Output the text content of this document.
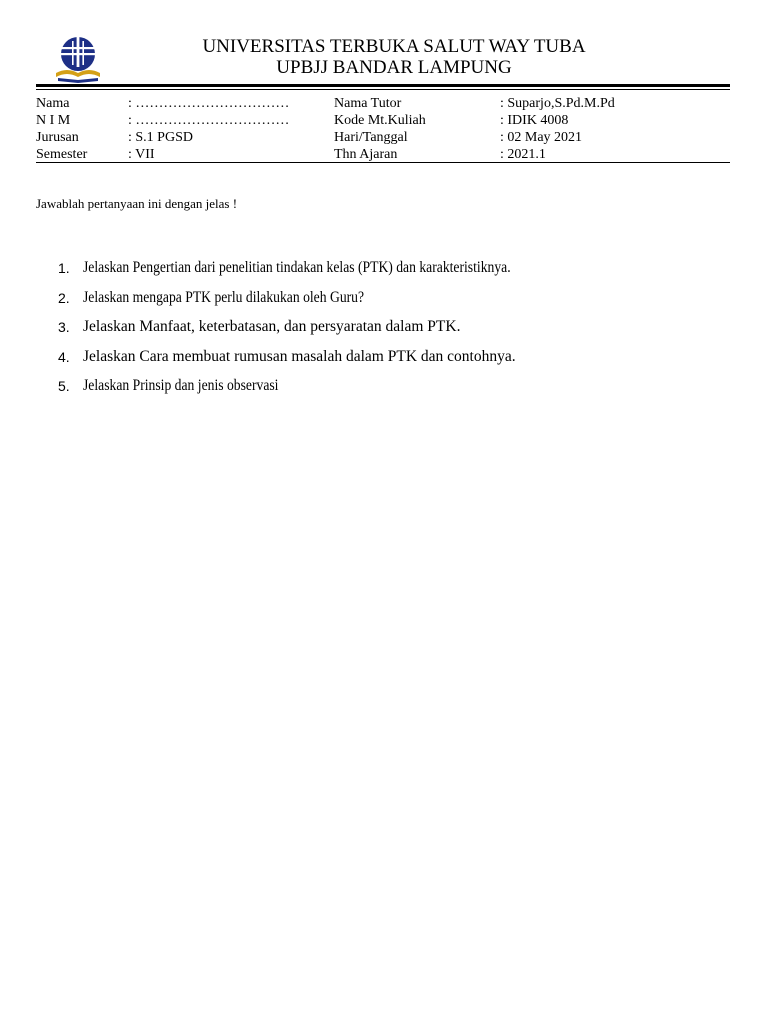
UNIVERSITAS TERBUKA SALUT WAY TUBA
UPBJJ BANDAR LAMPUNG
Nama	: ……………………………	Nama Tutor	: Suparjo,S.Pd.M.Pd
N I M	: ……………………………	Kode Mt.Kuliah	: IDIK 4008
Jurusan	: S.1 PGSD	Hari/Tanggal	: 02 May 2021
Semester	: VII	Thn Ajaran	: 2021.1
Jawablah pertanyaan ini dengan jelas !
1. Jelaskan Pengertian dari penelitian tindakan kelas (PTK) dan karakteristiknya.
2. Jelaskan mengapa PTK perlu dilakukan oleh Guru?
3. Jelaskan Manfaat, keterbatasan, dan persyaratan dalam PTK.
4. Jelaskan Cara membuat rumusan masalah dalam PTK dan contohnya.
5. Jelaskan Prinsip dan jenis observasi
